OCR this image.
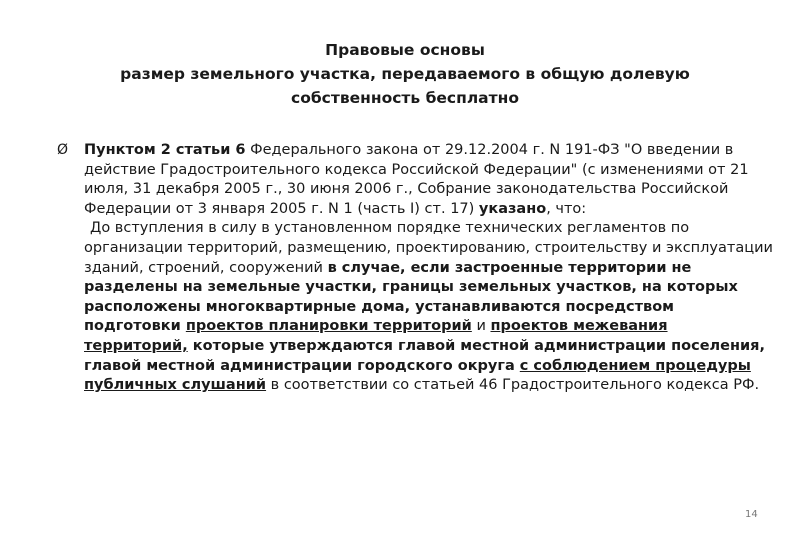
Правовые основы
размер земельного участка, передаваемого в общую долевую
собственность бесплатно
Ø Пунктом 2 статьи 6 Федерального закона от 29.12.2004 г. N 191-ФЗ "О введении в действие Градостроительного кодекса Российской Федерации" (с изменениями от 21 июля, 31 декабря 2005 г., 30 июня 2006 г., Собрание законодательства Российской Федерации от 3 января 2005 г. N 1 (часть I) ст. 17) указано, что:

До вступления в силу в установленном порядке технических регламентов по организации территорий, размещению, проектированию, строительству и эксплуатации зданий, строений, сооружений в случае, если застроенные территории не разделены на земельные участки, границы земельных участков, на которых расположены многоквартирные дома, устанавливаются посредством подготовки проектов планировки территорий и проектов межевания территорий, которые утверждаются главой местной администрации поселения, главой местной администрации городского округа с соблюдением процедуры публичных слушаний в соответствии со статьей 46 Градостроительного кодекса РФ.

14
